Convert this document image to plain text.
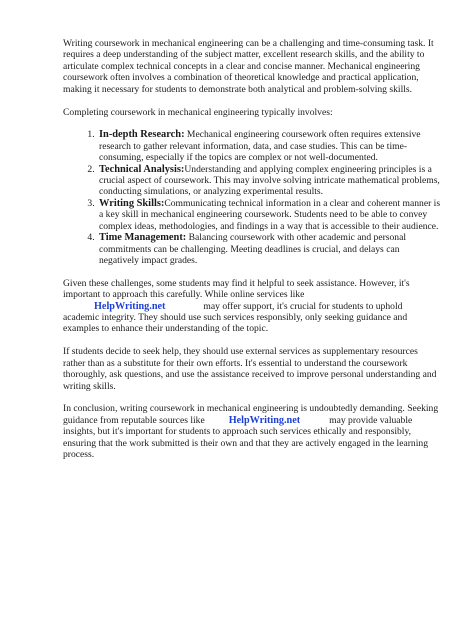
Writing coursework in mechanical engineering can be a challenging and time-consuming task. It requires a deep understanding of the subject matter, excellent research skills, and the ability to articulate complex technical concepts in a clear and concise manner. Mechanical engineering coursework often involves a combination of theoretical knowledge and practical application, making it necessary for students to demonstrate both analytical and problem-solving skills.

Completing coursework in mechanical engineering typically involves:

1. In-depth Research: Mechanical engineering coursework often requires extensive research to gather relevant information, data, and case studies. This can be time-consuming, especially if the topics are complex or not well-documented.
2. Technical Analysis:Understanding and applying complex engineering principles is a crucial aspect of coursework. This may involve solving intricate mathematical problems, conducting simulations, or analyzing experimental results.
3. Writing Skills:Communicating technical information in a clear and coherent manner is a key skill in mechanical engineering coursework. Students need to be able to convey complex ideas, methodologies, and findings in a way that is accessible to their audience.
4. Time Management: Balancing coursework with other academic and personal commitments can be challenging. Meeting deadlines is crucial, and delays can negatively impact grades.

Given these challenges, some students may find it helpful to seek assistance. However, it's important to approach this carefully. While online services likeHelpWriting.net	may offer support, it's crucial for students to uphold academic integrity. They should use such services responsibly, only seeking guidance and examples to enhance their understanding of the topic.

If students decide to seek help, they should use external services as supplementary resources rather than as a substitute for their own efforts. It's essential to understand the coursework thoroughly, ask questions, and use the assistance received to improve personal understanding and writing skills.

In conclusion, writing coursework in mechanical engineering is undoubtedly demanding. Seeking guidance from reputable sources like HelpWriting.net	may provide valuable insights, but it's important for students to approach such services ethically and responsibly, ensuring that the work submitted is their own and that they are actively engaged in the learning process.
